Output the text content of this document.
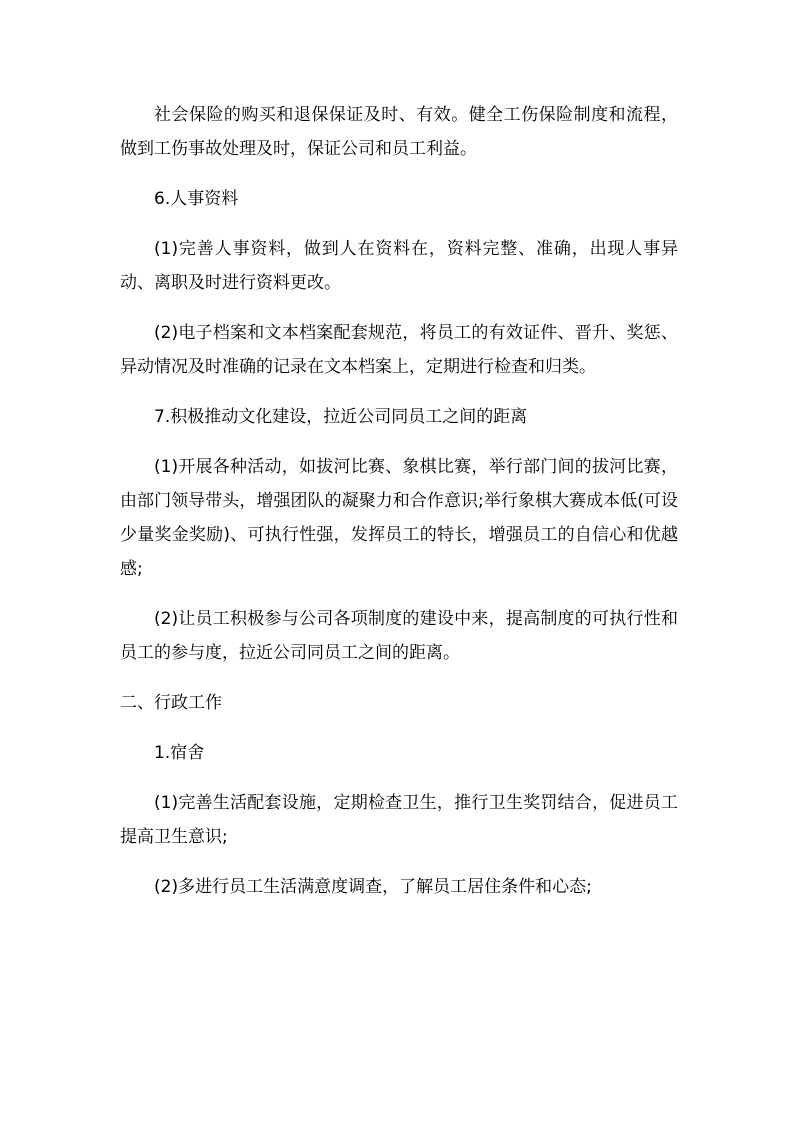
社会保险的购买和退保保证及时、有效。健全工伤保险制度和流程，做到工伤事故处理及时，保证公司和员工利益。

6.人事资料

(1)完善人事资料，做到人在资料在，资料完整、准确，出现人事异动、离职及时进行资料更改。

(2)电子档案和文本档案配套规范，将员工的有效证件、晋升、奖惩、异动情况及时准确的记录在文本档案上，定期进行检查和归类。

7.积极推动文化建设，拉近公司同员工之间的距离

(1)开展各种活动，如拔河比赛、象棋比赛，举行部门间的拔河比赛，由部门领导带头，增强团队的凝聚力和合作意识;举行象棋大赛成本低(可设少量奖金奖励)、可执行性强，发挥员工的特长，增强员工的自信心和优越感;

(2)让员工积极参与公司各项制度的建设中来，提高制度的可执行性和员工的参与度，拉近公司同员工之间的距离。

二、行政工作

1.宿舍

(1)完善生活配套设施，定期检查卫生，推行卫生奖罚结合，促进员工提高卫生意识;

(2)多进行员工生活满意度调查，了解员工居住条件和心态;
